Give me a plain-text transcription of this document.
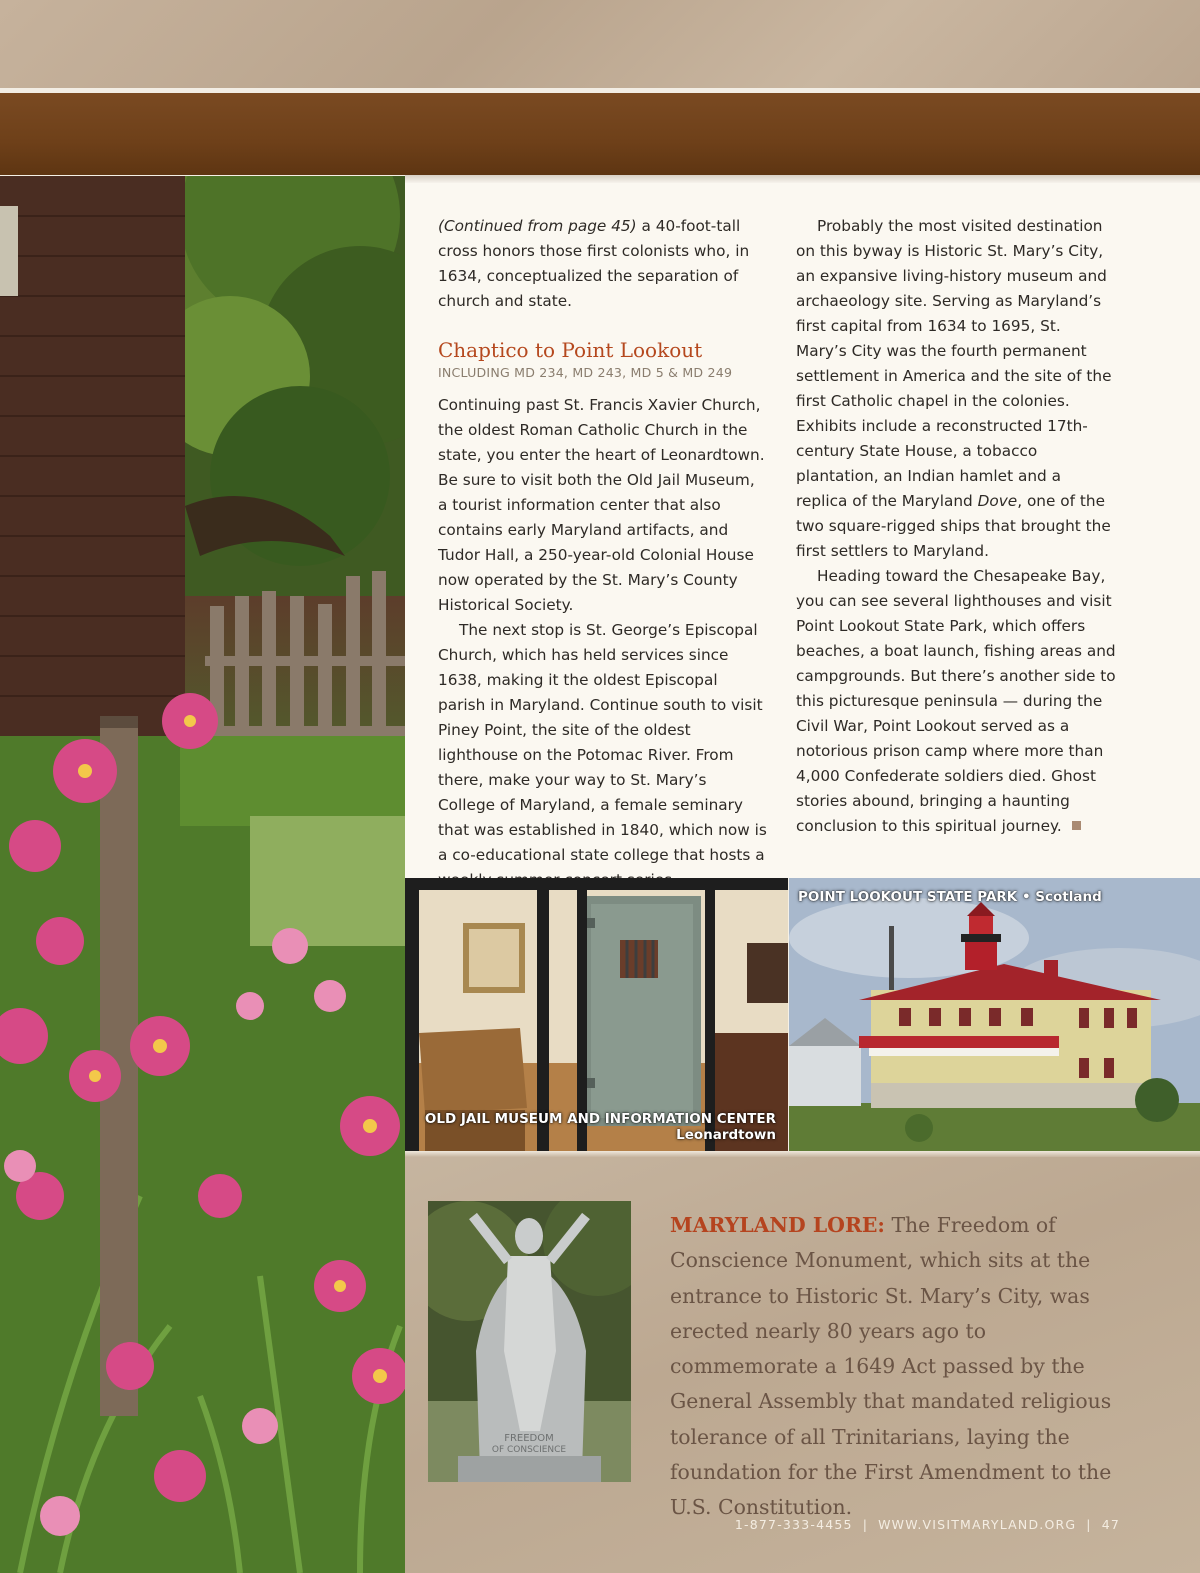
(Continued from page 45) a 40-foot-tall cross honors those first colonists who, in 1634, conceptualized the separation of church and state.

Chaptico to Point Lookout
INCLUDING MD 234, MD 243, MD 5 & MD 249

Continuing past St. Francis Xavier Church, the oldest Roman Catholic Church in the state, you enter the heart of Leonardtown. Be sure to visit both the Old Jail Museum, a tourist information center that also contains early Maryland artifacts, and Tudor Hall, a 250-year-old Colonial House now operated by the St. Mary’s County Historical Society.

The next stop is St. George’s Episcopal Church, which has held services since 1638, making it the oldest Episcopal parish in Maryland. Continue south to visit Piney Point, the site of the oldest lighthouse on the Potomac River. From there, make your way to St. Mary’s College of Maryland, a female seminary that was established in 1840, which now is a co-educational state college that hosts a

Probably the most visited destination on this byway is Historic St. Mary’s City, an expansive living-history museum and archaeology site. Serving as Maryland’s first capital from 1634 to 1695, St. Mary’s City was the fourth permanent settlement in America and the site of the first Catholic chapel in the colonies. Exhibits include a reconstructed 17th-century State House, a tobacco plantation, an Indian hamlet and a replica of the Maryland Dove, one of the two square-rigged ships that brought the first settlers to Maryland.

Heading toward the Chesapeake Bay, you can see several lighthouses and visit Point Lookout State Park, which offers beaches, a boat launch, fishing areas and campgrounds. But there’s another side to this picturesque peninsula — during the Civil War, Point Lookout served as a notorious prison camp where more than 4,000 Confederate soldiers died. Ghost stories abound, bringing a haunting conclusion to this spiritual journey.

OLD JAIL MUSEUM AND INFORMATION CENTER
Leonardtown
POINT LOOKOUT STATE PARK • Scotland
FREEDOM
OF CONSCIENCE
MARYLAND LORE: The Freedom of Conscience Monument, which sits at the entrance to Historic St. Mary’s City, was erected nearly 80 years ago to commemorate a 1649 Act passed by the General Assembly that mandated religious tolerance of all Trinitarians, laying the foundation for the First Amendment to the U.S. Constitution.
1-877-333-4455 | WWW.VISITMARYLAND.ORG | 47
